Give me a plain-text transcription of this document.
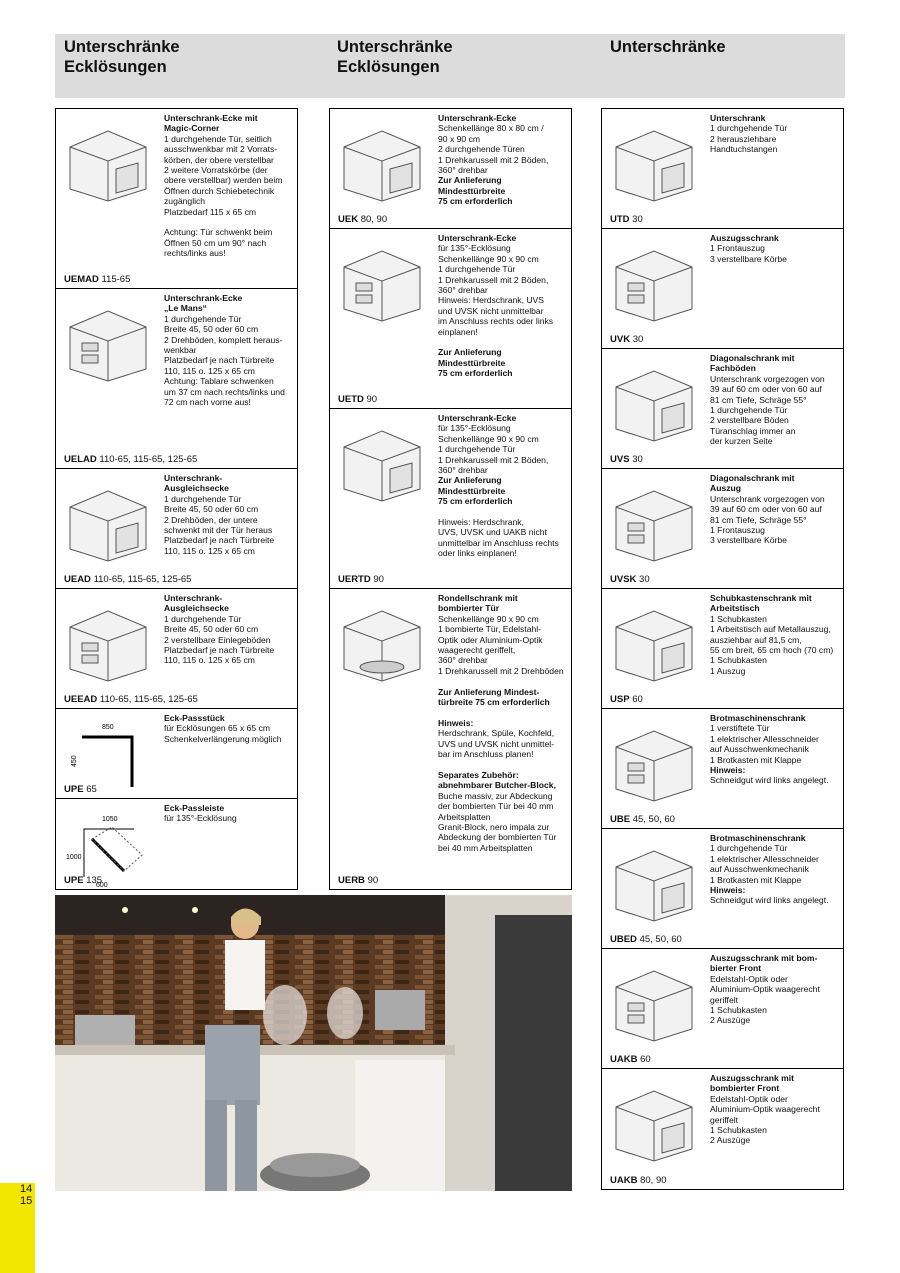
Unterschränke
Ecklösungen
Unterschränke
Ecklösungen
Unterschränke
Unterschrank-Ecke mit
Magic-Corner
1 durchgehende Tür, seitlich
ausschwenkbar mit 2 Vorrats-
körben, der obere verstellbar
2 weitere Vorratskörbe (der
obere verstellbar) werden beim
Öffnen durch Schiebetechnik
zugänglich
Platzbedarf 115 x 65 cm

Achtung: Tür schwenkt beim
Öffnen 50 cm um 90° nach
rechts/links aus!
UEMAD 115-65
Unterschrank-Ecke
„Le Mans“
1 durchgehende Tür
Breite 45, 50 oder 60 cm
2 Drehböden, komplett heraus-
wenkbar
Platzbedarf je nach Türbreite
110, 115 o. 125 x 65 cm
Achtung: Tablare schwenken
um 37 cm nach rechts/links und
72 cm nach vorne aus!
UELAD 110-65, 115-65, 125-65
Unterschrank-
Ausgleichsecke
1 durchgehende Tür
Breite 45, 50 oder 60 cm
2 Drehböden, der untere
schwenkt mit der Tür heraus
Platzbedarf je nach Türbreite
110, 115 o. 125 x 65 cm
UEAD 110-65, 115-65, 125-65
Unterschrank-
Ausgleichsecke
1 durchgehende Tür
Breite 45, 50 oder 60 cm
2 verstellbare Einlegeböden
Platzbedarf je nach Türbreite
110, 115 o. 125 x 65 cm
UEEAD 110-65, 115-65, 125-65
850
450
Eck-Passstück
für Ecklösungen 65 x 65 cm
Schenkelverlängerung möglich
UPE 65
1050
1000
600
Eck-Passleiste
für 135°-Ecklösung
UPE 135
Unterschrank-Ecke
Schenkellänge 80 x 80 cm /
90 x 90 cm
2 durchgehende Türen
1 Drehkarussell mit 2 Böden,
360° drehbar
Zur Anlieferung
Mindesttürbreite
75 cm erforderlich
UEK 80, 90
Unterschrank-Ecke
für 135°-Ecklösung
Schenkellänge 90 x 90 cm
1 durchgehende Tür
1 Drehkarussell mit 2 Böden,
360° drehbar
Hinweis: Herdschrank, UVS
und UVSK nicht unmittelbar
im Anschluss rechts oder links
einplanen!

Zur Anlieferung
Mindesttürbreite
75 cm erforderlich
UETD 90
Unterschrank-Ecke
für 135°-Ecklösung
Schenkellänge 90 x 90 cm
1 durchgehende Tür
1 Drehkarussell mit 2 Böden,
360° drehbar
Zur Anlieferung
Mindesttürbreite
75 cm erforderlich

Hinweis: Herdschrank,
UVS, UVSK und UAKB nicht
unmittelbar im Anschluss rechts
oder links einplanen!
UERTD 90
Rondellschrank mit
bombierter Tür
Schenkellänge 90 x 90 cm
1 bombierte Tür, Edelstahl-
Optik oder Aluminium-Optik
waagerecht geriffelt,
360° drehbar
1 Drehkarussell mit 2 Drehböden

Zur Anlieferung Mindest-
türbreite 75 cm erforderlich

Hinweis:
Herdschrank, Spüle, Kochfeld,
UVS und UVSK nicht unmittel-
bar im Anschluss planen!

Separates Zubehör:
abnehmbarer Butcher-Block,
Buche massiv, zur Abdeckung
der bombierten Tür bei 40 mm
Arbeitsplatten
Granit-Block, nero impala zur
Abdeckung der bombierten Tür
bei 40 mm Arbeitsplatten
UERB 90
Unterschrank
1 durchgehende Tür
2 herausziehbare
Handtuchstangen
UTD 30
Auszugsschrank
1 Frontauszug
3 verstellbare Körbe
UVK 30
Diagonalschrank mit
Fachböden
Unterschrank vorgezogen von
39 auf 60 cm oder von 60 auf
81 cm Tiefe, Schräge 55°
1 durchgehende Tür
2 verstellbare Böden
Türanschlag immer an
der kurzen Seite
UVS 30
Diagonalschrank mit
Auszug
Unterschrank vorgezogen von
39 auf 60 cm oder von 60 auf
81 cm Tiefe, Schräge 55°
1 Frontauszug
3 verstellbare Körbe
UVSK 30
Schubkastenschrank mit
Arbeitstisch
1 Schubkasten
1 Arbeitstisch auf Metallauszug,
ausziehbar auf 81,5 cm,
55 cm breit, 65 cm hoch (70 cm)
1 Schubkasten
1 Auszug
USP 60
Brotmaschinenschrank
1 verstiftete Tür
1 elektrischer Allesschneider
auf Ausschwenkmechanik
1 Brotkasten mit Klappe
Hinweis:
Schneidgut wird links angelegt.
UBE 45, 50, 60
Brotmaschinenschrank
1 durchgehende Tür
1 elektrischer Allesschneider
auf Ausschwenkmechanik
1 Brotkasten mit Klappe
Hinweis:
Schneidgut wird links angelegt.
UBED 45, 50, 60
Auszugsschrank mit bom-
bierter Front
Edelstahl-Optik oder
Aluminium-Optik waagerecht
geriffelt
1 Schubkasten
2 Auszüge
UAKB 60
Auszugsschrank mit
bombierter Front
Edelstahl-Optik oder
Aluminium-Optik waagerecht
geriffelt
1 Schubkasten
2 Auszüge
UAKB 80, 90
14
15
